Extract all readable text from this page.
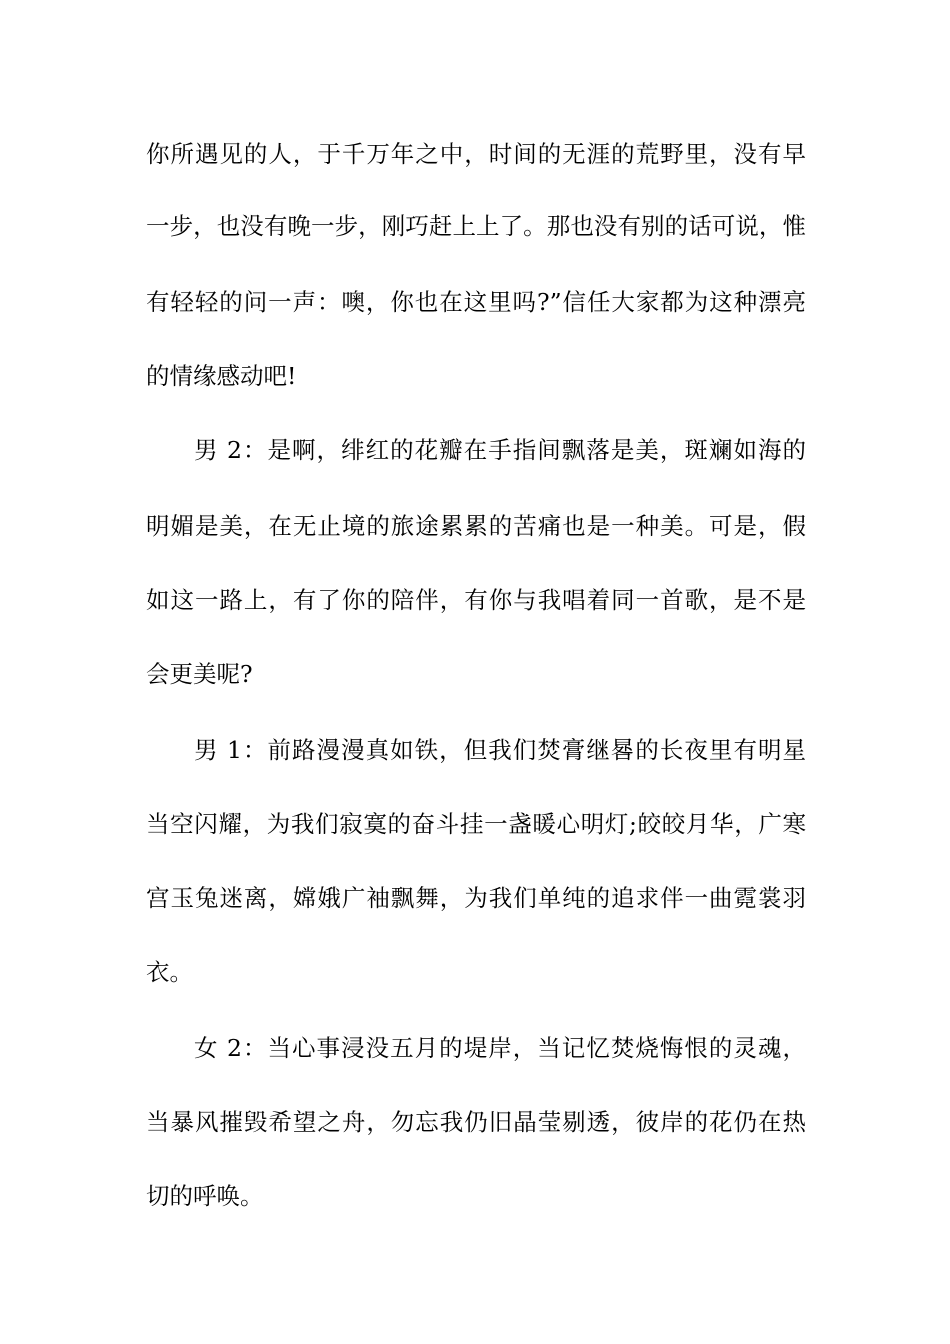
你所遇见的人，于千万年之中，时间的无涯的荒野里，没有早
一步，也没有晚一步，刚巧赶上上了。那也没有别的话可说，惟
有轻轻的问一声：噢，你也在这里吗?”信任大家都为这种漂亮
的情缘感动吧!
男 2：是啊，绯红的花瓣在手指间飘落是美，斑斓如海的
明媚是美，在无止境的旅途累累的苦痛也是一种美。可是，假
如这一路上，有了你的陪伴，有你与我唱着同一首歌，是不是
会更美呢?
男 1：前路漫漫真如铁，但我们焚膏继晷的长夜里有明星
当空闪耀，为我们寂寞的奋斗挂一盏暖心明灯;皎皎月华，广寒
宫玉兔迷离，嫦娥广袖飘舞，为我们单纯的追求伴一曲霓裳羽
衣。
女 2：当心事浸没五月的堤岸，当记忆焚烧悔恨的灵魂，
当暴风摧毁希望之舟，勿忘我仍旧晶莹剔透，彼岸的花仍在热
切的呼唤。
